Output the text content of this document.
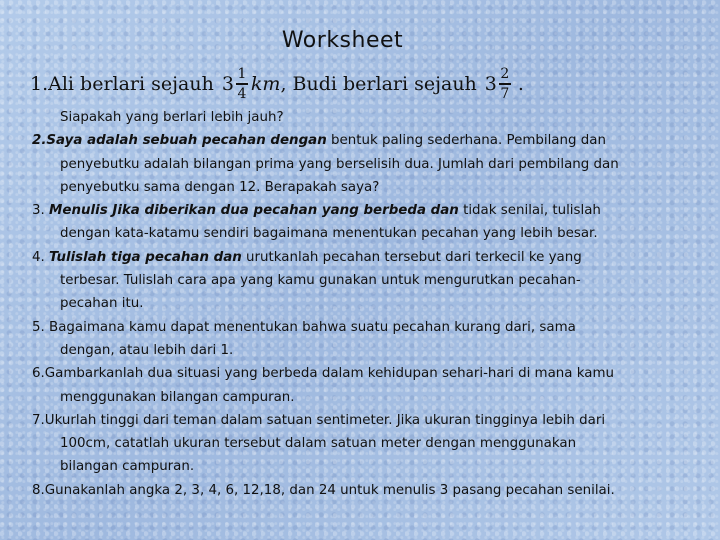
Worksheet
1.Ali berlari sejauh $3 \frac{1}{4}$ km , Budi berlari sejauh $3 \frac{2}{7}$ .
Siapakah yang berlari lebih jauh?
2.Saya adalah sebuah pecahan dengan bentuk paling sederhana. Pembilang dan
penyebutku adalah bilangan prima yang berselisih dua. Jumlah dari pembilang dan
penyebutku sama dengan 12. Berapakah saya?
3. Menulis Jika diberikan dua pecahan yang berbeda dan tidak senilai, tulislah
dengan kata-katamu sendiri bagaimana menentukan pecahan yang lebih besar.
4. Tulislah tiga pecahan dan urutkanlah pecahan tersebut dari terkecil ke yang
terbesar. Tulislah cara apa yang kamu gunakan untuk mengurutkan pecahan-
pecahan itu.
5. Bagaimana kamu dapat menentukan bahwa suatu pecahan kurang dari, sama
dengan, atau lebih dari 1.
6.Gambarkanlah dua situasi yang berbeda dalam kehidupan sehari-hari di mana kamu
menggunakan bilangan campuran.
7.Ukurlah tinggi dari teman dalam satuan sentimeter. Jika ukuran tingginya lebih dari
100cm, catatlah ukuran tersebut dalam satuan meter dengan menggunakan
bilangan campuran.
8.Gunakanlah angka 2, 3, 4, 6, 12,18, dan 24 untuk menulis 3 pasang pecahan senilai.
